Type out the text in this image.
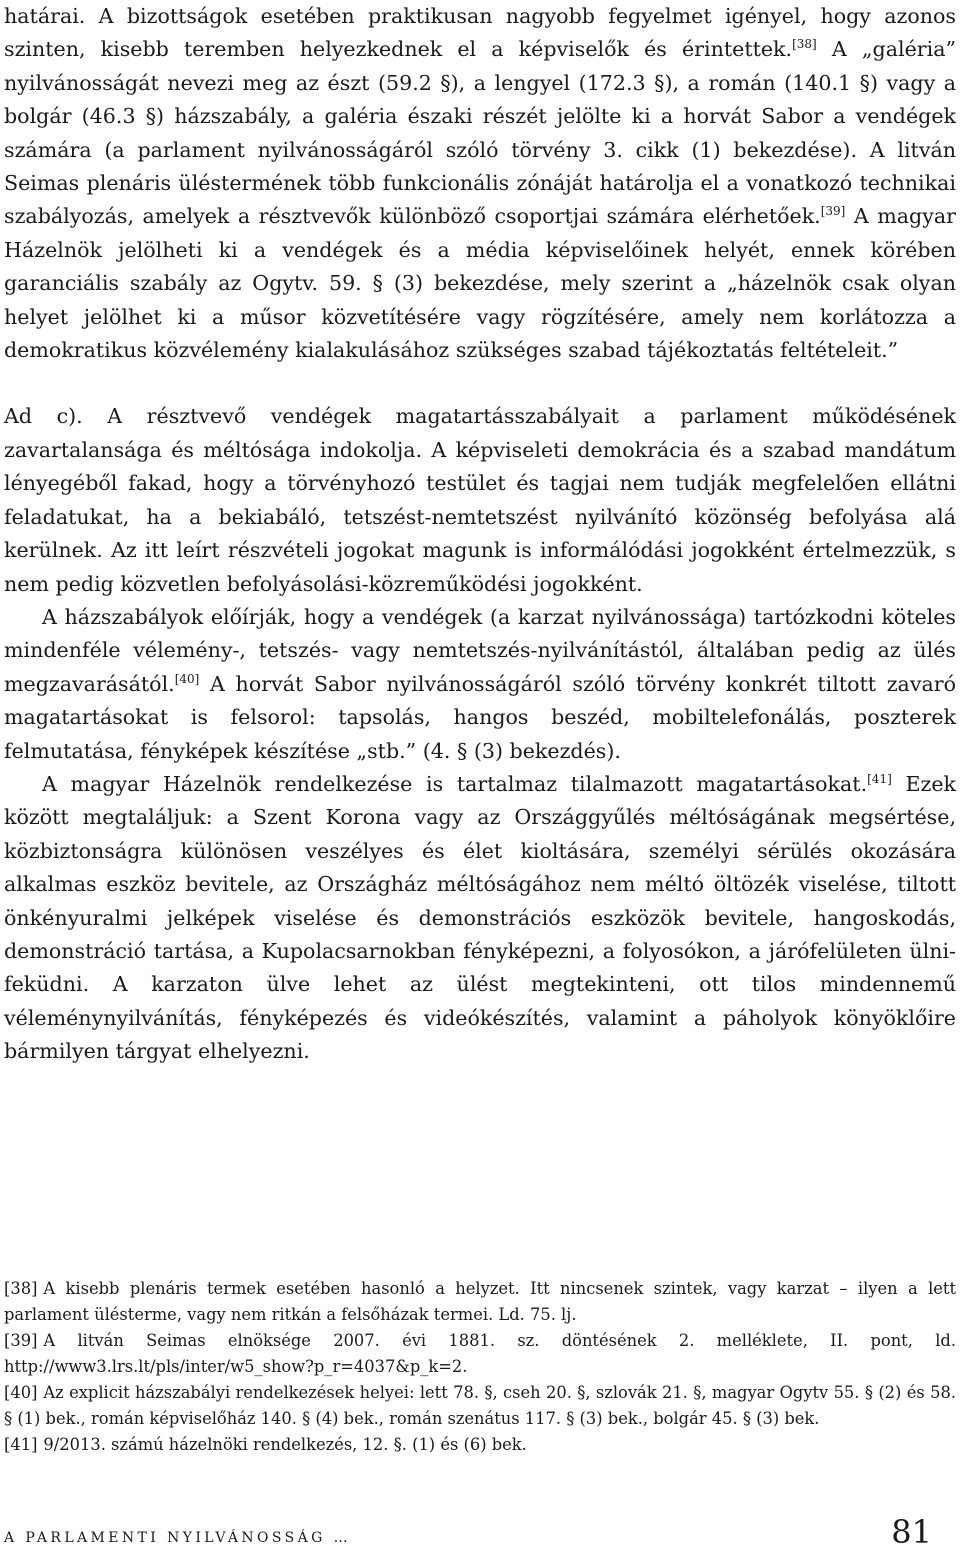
határai. A bizottságok esetében praktikusan nagyobb fegyelmet igényel, hogy azonos szinten, kisebb teremben helyezkednek el a képviselők és érintettek.[38] A „galéria” nyilvánosságát nevezi meg az észt (59.2 §), a lengyel (172.3 §), a román (140.1 §) vagy a bolgár (46.3 §) házszabály, a galéria északi részét jelölte ki a horvát Sabor a vendégek számára (a parlament nyilvánosságáról szóló törvény 3. cikk (1) bekezdése). A litván Seimas plenáris üléstermének több funkcionális zónáját határolja el a vonatkozó technikai szabályozás, amelyek a résztvevők különböző csoportjai számára elérhetőek.[39] A magyar Házelnök jelölheti ki a vendégek és a média képviselőinek helyét, ennek körében garanciális szabály az Ogytv. 59. § (3) bekezdése, mely szerint a „házelnök csak olyan helyet jelölhet ki a műsor közvetítésére vagy rögzítésére, amely nem korlátozza a demokratikus közvélemény kialakulásához szükséges szabad tájékoztatás feltételeit.”

Ad c). A résztvevő vendégek magatartásszabályait a parlament működésének zavartalansága és méltósága indokolja. A képviseleti demokrácia és a szabad mandátum lényegéből fakad, hogy a törvényhozó testület és tagjai nem tudják megfelelően ellátni feladatukat, ha a bekiabáló, tetszést-nemtetszést nyilvánító közönség befolyása alá kerülnek. Az itt leírt részvételi jogokat magunk is informálódási jogokként értelmezzük, s nem pedig közvetlen befolyásolási-közreműködési jogokként.

A házszabályok előírják, hogy a vendégek (a karzat nyilvánossága) tartózkodni köteles mindenféle vélemény-, tetszés- vagy nemtetszés-nyilvánítástól, általában pedig az ülés megzavarásától.[40] A horvát Sabor nyilvánosságáról szóló törvény konkrét tiltott zavaró magatartásokat is felsorol: tapsolás, hangos beszéd, mobiltelefonálás, poszterek felmutatása, fényképek készítése „stb.” (4. § (3) bekezdés).

A magyar Házelnök rendelkezése is tartalmaz tilalmazott magatartásokat.[41] Ezek között megtaláljuk: a Szent Korona vagy az Országgyűlés méltóságának megsértése, közbiztonságra különösen veszélyes és élet kioltására, személyi sérülés okozására alkalmas eszköz bevitele, az Országház méltóságához nem méltó öltözék viselése, tiltott önkényuralmi jelképek viselése és demonstrációs eszközök bevitele, hangoskodás, demonstráció tartása, a Kupolacsarnokban fényképezni, a folyosókon, a járófelületen ülni-feküdni. A karzaton ülve lehet az ülést megtekinteni, ott tilos mindennemű véleménynyilvánítás, fényképezés és videókészítés, valamint a páholyok könyöklőire bármilyen tárgyat elhelyezni.

[38] A kisebb plenáris termek esetében hasonló a helyzet. Itt nincsenek szintek, vagy karzat – ilyen a lett parlament ülésterme, vagy nem ritkán a felsőházak termei. Ld. 75. lj.

[39] A litván Seimas elnöksége 2007. évi 1881. sz. döntésének 2. melléklete, II. pont, ld. http://www3.lrs.lt/pls/inter/w5_show?p_r=4037&p_k=2.

[40] Az explicit házszabályi rendelkezések helyei: lett 78. §, cseh 20. §, szlovák 21. §, magyar Ogytv 55. § (2) és 58. § (1) bek., román képviselőház 140. § (4) bek., román szenátus 117. § (3) bek., bolgár 45. § (3) bek.

[41] 9/2013. számú házelnöki rendelkezés, 12. §. (1) és (6) bek.

A PARLAMENTI NYILVÁNOSSÁG …	81
